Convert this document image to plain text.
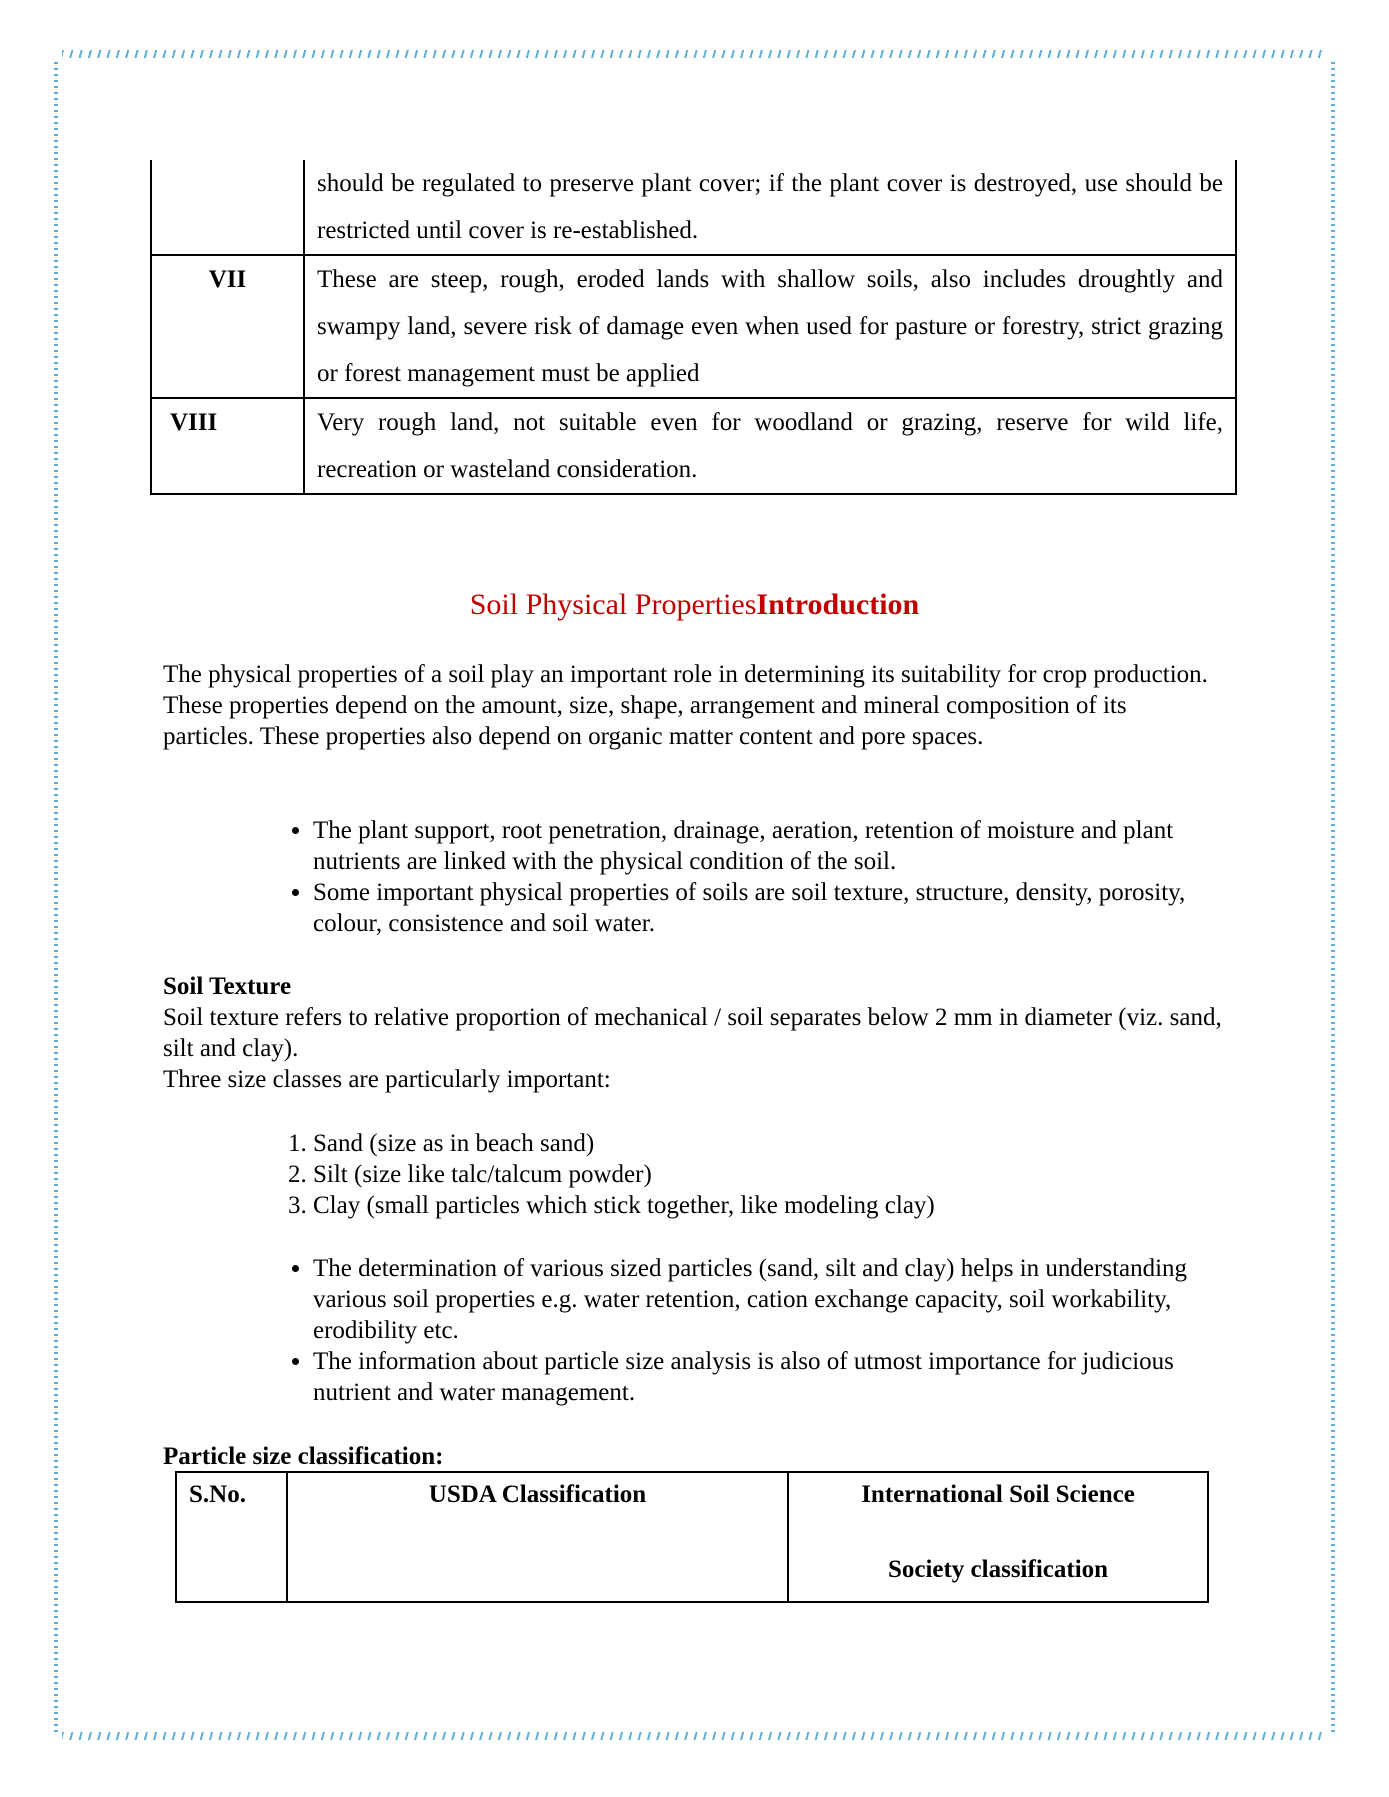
	should be regulated to preserve plant cover; if the plant cover is destroyed, use should be restricted until cover is re-established.
VII	These are steep, rough, eroded lands with shallow soils, also includes droughtly and swampy land, severe risk of damage even when used for pasture or forestry, strict grazing or forest management must be applied
VIII	Very rough land, not suitable even for woodland or grazing, reserve for wild life, recreation or wasteland consideration.
Soil Physical PropertiesIntroduction

The physical properties of a soil play an important role in determining its suitability for crop production. These properties depend on the amount, size, shape, arrangement and mineral composition of its particles. These properties also depend on organic matter content and pore spaces.

• The plant support, root penetration, drainage, aeration, retention of moisture and plant nutrients are linked with the physical condition of the soil.
• Some important physical properties of soils are soil texture, structure, density, porosity, colour, consistence and soil water.

Soil Texture

Soil texture refers to relative proportion of mechanical / soil separates below 2 mm in diameter (viz. sand, silt and clay).

Three size classes are particularly important:

1. Sand (size as in beach sand)
2. Silt (size like talc/talcum powder)
3. Clay (small particles which stick together, like modeling clay)
• The determination of various sized particles (sand, silt and clay) helps in understanding various soil properties e.g. water retention, cation exchange capacity, soil workability, erodibility etc.
• The information about particle size analysis is also of utmost importance for judicious nutrient and water management.

Particle size classification:

S.No.	USDA Classification	International Soil Science
Society classification
